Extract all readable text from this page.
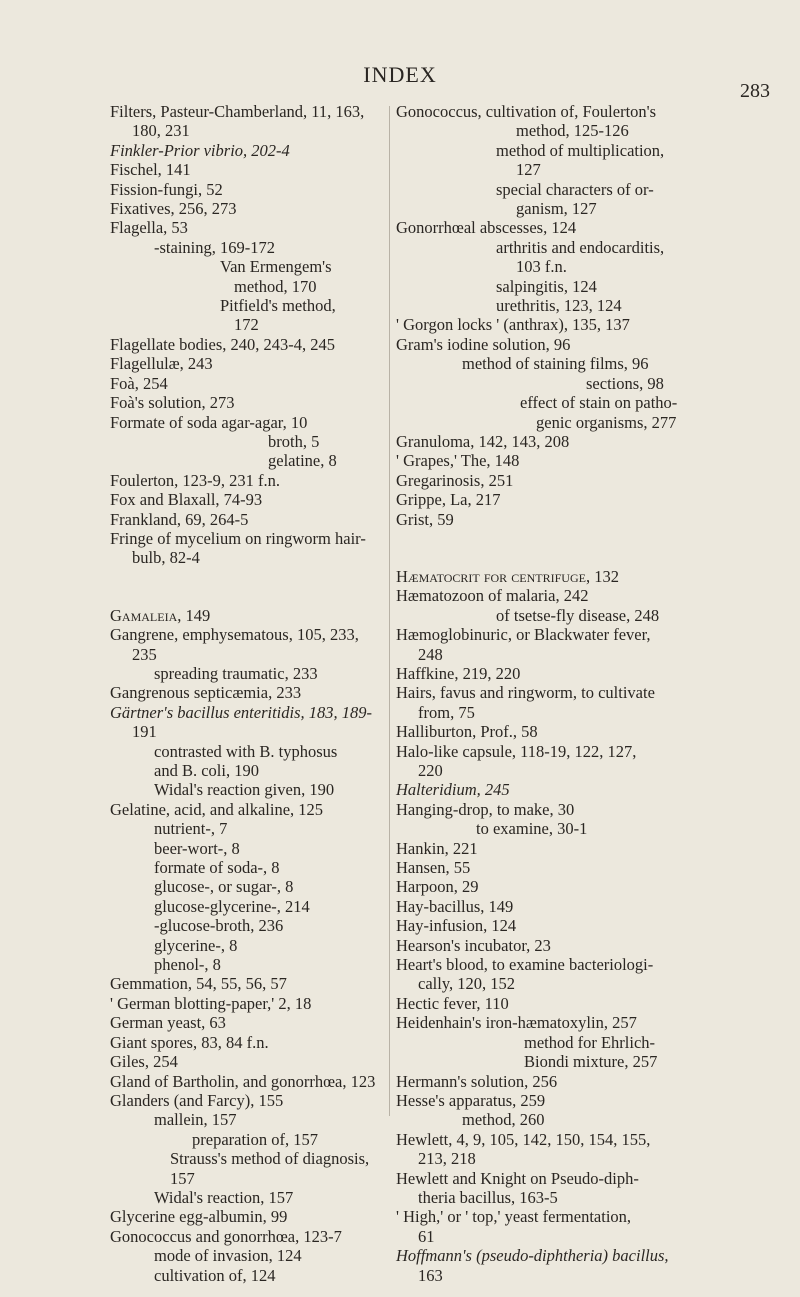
INDEX
283
Filters, Pasteur-Chamberland, 11, 163,
180, 231
Finkler-Prior vibrio, 202-4
Fischel, 141
Fission-fungi, 52
Fixatives, 256, 273
Flagella, 53
-staining, 169-172
Van Ermengem's
method, 170
Pitfield's method,
172
Flagellate bodies, 240, 243-4, 245
Flagellulæ, 243
Foà, 254
Foà's solution, 273
Formate of soda agar-agar, 10
broth, 5
gelatine, 8
Foulerton, 123-9, 231 f.n.
Fox and Blaxall, 74-93
Frankland, 69, 264-5
Fringe of mycelium on ringworm hair-
bulb, 82-4
Gamaleia, 149
Gangrene, emphysematous, 105, 233,
235
spreading traumatic, 233
Gangrenous septicæmia, 233
Gärtner's bacillus enteritidis, 183, 189-
191
contrasted with B. typhosus
and B. coli, 190
Widal's reaction given, 190
Gelatine, acid, and alkaline, 125
nutrient-, 7
beer-wort-, 8
formate of soda-, 8
glucose-, or sugar-, 8
glucose-glycerine-, 214
-glucose-broth, 236
glycerine-, 8
phenol-, 8
Gemmation, 54, 55, 56, 57
' German blotting-paper,' 2, 18
German yeast, 63
Giant spores, 83, 84 f.n.
Giles, 254
Gland of Bartholin, and gonorrhœa, 123
Glanders (and Farcy), 155
mallein, 157
preparation of, 157
Strauss's method of diagnosis,
157
Widal's reaction, 157
Glycerine egg-albumin, 99
Gonococcus and gonorrhœa, 123-7
mode of invasion, 124
cultivation of, 124
Gonococcus, cultivation of, Foulerton's
method, 125-126
method of multiplication,
127
special characters of or-
ganism, 127
Gonorrhœal abscesses, 124
arthritis and endocarditis,
103 f.n.
salpingitis, 124
urethritis, 123, 124
' Gorgon locks ' (anthrax), 135, 137
Gram's iodine solution, 96
method of staining films, 96
sections, 98
effect of stain on patho-
genic organisms, 277
Granuloma, 142, 143, 208
' Grapes,' The, 148
Gregarinosis, 251
Grippe, La, 217
Grist, 59
Hæmatocrit for centrifuge, 132
Hæmatozoon of malaria, 242
of tsetse-fly disease, 248
Hæmoglobinuric, or Blackwater fever,
248
Haffkine, 219, 220
Hairs, favus and ringworm, to cultivate
from, 75
Halliburton, Prof., 58
Halo-like capsule, 118-19, 122, 127,
220
Halteridium, 245
Hanging-drop, to make, 30
to examine, 30-1
Hankin, 221
Hansen, 55
Harpoon, 29
Hay-bacillus, 149
Hay-infusion, 124
Hearson's incubator, 23
Heart's blood, to examine bacteriologi-
cally, 120, 152
Hectic fever, 110
Heidenhain's iron-hæmatoxylin, 257
method for Ehrlich-
Biondi mixture, 257
Hermann's solution, 256
Hesse's apparatus, 259
method, 260
Hewlett, 4, 9, 105, 142, 150, 154, 155,
213, 218
Hewlett and Knight on Pseudo-diph-
theria bacillus, 163-5
' High,' or ' top,' yeast fermentation,
61
Hoffmann's (pseudo-diphtheria) bacillus,
163
